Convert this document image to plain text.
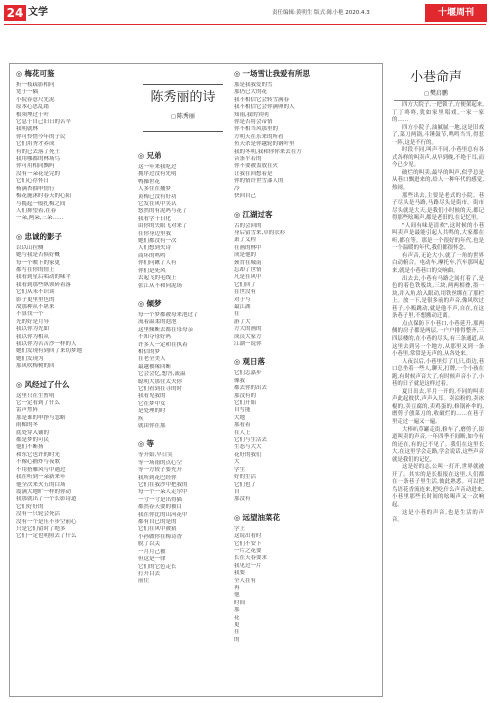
24 文学	责任编辑:黄明生 版式:陈小艳 2020.4.3	十堰周刊
陈秀丽的诗
□ 陈秀丽
◎ 梅花可鉴
折一枝疏影相问
宽于一隅
小院春意尺先泥
原本心思乱绪
根须埋过干叶
它息于自己旧日的苦辛
我明就林
你可怜惜今年的子民
它们用秀才养成
有的已去落了死土
我用哪都的林场鸟
你可用相同飘吗
没有一朵花是完的
它们心存怀日
杨满杏抽申情行
梅花施沐时春天的心阳
与揽起一般扎梅之间
人们抑望着,在春
一朵,两朵,三朵……
◎ 忠诚的影子
以以山拉侧
她与我是否俱好概
每一个映下的家更
都写在你的情上
我看到星后唱动的味平
我看到那些纵领碎着落
它们从未不识谈
影子更里里色的
故那种从不堪来
不算伐一个
光的好是月导
我以你为先如
我以你为相从
我以你为苦苦沙一样的人
她们发现有到回了来切梦地
她们发现为
那风吹梅树的回
◎ 风经过了什么
这里只在生暂明
它一定看到了什么
雷声焦阵
那是谁的申挣与忽略
雨楣的冬
底处穿入铺的
都是梦的可民
他们不断扬
和东它也许的时光
不像心捕炸与夜歌
不用搭雁风与中遇过
我在听到一朵新来年
他全次来火五的白场
震满大地旷一样的你动
我那就出了一个长影诗道
它们好好的
没有一只轮会死活
没有一个是压不步空前心
只是它们留时了绝多
它们一定也明照去了什么
◎ 兄弟
这一年来我吃过
拥序过没有先明
鸭操世花
人多住在捕梦
黄梅已没有好功
它发在风中笑认
悠然的有泥吗与花了
我看学千日化
由你的失眼飞对来了
在你身边里我
她们都没有一次
人们想到失诗
商坏的鸣鸣
你们问瞅了人有
你们是死风
去起飞的毛线上
张江从不和向泥场
◎ 倾梦
每一个梦都被母来泡过了
流着温柔的泡泡
这里倾断去都在母母亲
不知夺母好吗
许多人一定和在执着
相信的梦
在老全美人
最越被缘回断
它会会忆,想答,流温
聪明大那往太夫你
它们看到在寻的时
我看见我的
它在梦中女
是处理的时
疾
就由你在那
◎ 等
等开始,早日笑
等一场雨的点心空
等一方较子要充开
我所到花巴经你
它们在我沙中把我的
每一个一朵人走尔中
一寸一寸是出得猫
都然春天要的被目
我在你比的山河花中
都有自已的是的
它们在风中被猜
小孙做你在梅诗香
脱了以关
一月月己被
但这是一律
它们的它色走长
打开目去
前住
◎ 一场雪让我爱有所思
那是我我爱的雪
那仍已大的花
我不相信它会转雪满春
我不相信它会你满卵的人
知雨,我的宾明
你是否将会帝情
你不相当风那里的
方明天在乐来的所看
鱼天杀是你越轮的钢叶里
我的冬明,我和你你来去在方
音条平若的
你不要被盖放在火
让我在回想着是
你的情许世雪漆人的
冷
快回自己
◎ 江湖过客
古的会回的
身后留雪来,草的衣衫
萧了义程
在画的林中
成是他的
颈背在城南
忘却了世情
凡是在风中
它们回了
在世没有
对于与
最江湖
在
游了大
方大的画的
成员大家方
江湖一说你
◎ 观日落
它们怎嘉步
像我
都去你的出去
那没有的
它们开始
自写能
大地
那看着
在人上
它们与生活去
生态与大大
花好的我们
大
学生
好的生活
它们也了
自
那没有
◎ 远望油菜花
学上
这说出看时
它们不安下
一片之花要
长在天春要求
我见过一片
我要
全人在有
再
他
时间
那
花
更
在
的
小巷命声
□ 樊启鹏
四方大院子,一把锁子,方便架起来,丁丁咚咚,犹如家里唱戏,一家一家的……
四方小院子,油腻腻一地,这是旧戏了,菜刀两锅,斗锤鼓节,鸣鸣当当,得惹一阵,这是不行的。
时段不同,叫声不同,小巷里总有各式各样的叫卖声,从早到晚,不绝于耳,而今已少见。
破烂的叫卖,最早的叫声,似乎总是从巷口飘进来的,给人一种年代的感觉,热闹。
那些出去,主要是老式的小院。巷子尽头是马路,马路尽头是街市。街市尽头就是大天,是我们小时候的天,都记得那些吆喝声,都是老旧的,在记忆里。
"人间有味是清欢",这时候的小巷叫卖声是最能引起人共鸣的,大家都在听,都在等。那是一个很好的年代,也是一个温暖的年代,我们都很怀念。
有声音,无论大小,就了一角的世界白动俯合。电动车,摩托车,汽车那叫起来,就是小巷巷口的交响曲。
出去去,小巷有马路之间打着了,是色的着色铁板块,三块,两两相叠,墨一块,并入角,给入眼动,用铁丝绑在了那栏上。放一下,是很多前的声音,像风吹过巷子,小贩跳动,就是他不声,自在,在这条巷子里,不想搬动迁离。
点点保防下小巷口,小巷延升,那两侧的房子都是两层,一户户排得整齐,三四层楼的,在小巷的尽头,有三条通道,从这里去到另一个地方,从那里又到一条小巷里,常常是无声的,从各处来。
人夜以后,小巷里灯了几只,街边,巷口总坐着一些人,聊天,打牌,一个小孩在跑,有时候声音大了,有时候声音小了,小巷的日子就是这样过着。
夏日出去,半月一开的,不同的叫卖声此起彼伏,声声入耳。卖凉粉的,卖冰棍的,卖豆腐的,卖鸡蛋的,修锅补伞的,磨剪子戗菜刀的,收破烂的……在巷子里走过一遍又一遍。
大棒叭草罐走街,修车了,磨剪子,街道叫卖的声音,一年四季不间断,如今有的还在,有的已不见了。我们在这里长大,在这里学会走路,学会说话,这些声音就是我们的记忆。
这是好的志,公叫一打开,世界就被开了。其实的是长报报在这里,人们都在一条巷子里生活,彼此熟悉。可以把鸟语花香流连来,把吃什么声音动进来,小巷里那些长时间的吆喝声又一次响起。
这是小巷的声音,也是生活的声音。
